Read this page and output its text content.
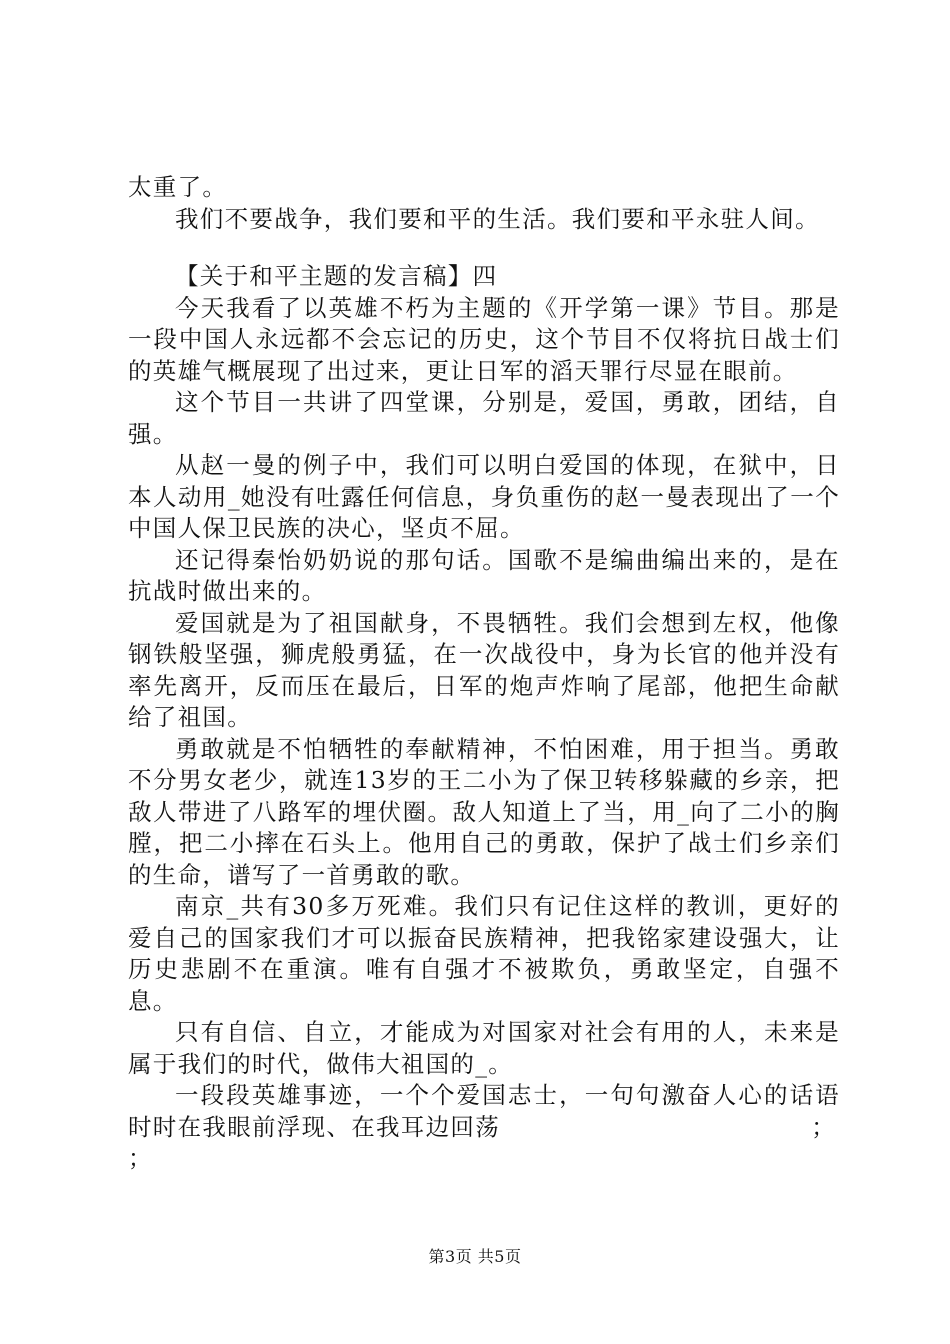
太重了。

我们不要战争，我们要和平的生活。我们要和平永驻人间。

【关于和平主题的发言稿】四

今天我看了以英雄不朽为主题的《开学第一课》节目。那是一段中国人永远都不会忘记的历史，这个节目不仅将抗日战士们的英雄气概展现了出过来，更让日军的滔天罪行尽显在眼前。

这个节目一共讲了四堂课，分别是，爱国，勇敢，团结，自强。

从赵一曼的例子中，我们可以明白爱国的体现，在狱中，日本人动用_她没有吐露任何信息，身负重伤的赵一曼表现出了一个中国人保卫民族的决心，坚贞不屈。

还记得秦怡奶奶说的那句话。国歌不是编曲编出来的，是在抗战时做出来的。

爱国就是为了祖国献身，不畏牺牲。我们会想到左权，他像钢铁般坚强，狮虎般勇猛，在一次战役中，身为长官的他并没有率先离开，反而压在最后，日军的炮声炸响了尾部，他把生命献给了祖国。

勇敢就是不怕牺牲的奉献精神，不怕困难，用于担当。勇敢不分男女老少，就连13岁的王二小为了保卫转移躲藏的乡亲，把敌人带进了八路军的埋伏圈。敌人知道上了当，用_向了二小的胸膛，把二小摔在石头上。他用自己的勇敢，保护了战士们乡亲们的生命，谱写了一首勇敢的歌。

南京_共有30多万死难。我们只有记住这样的教训，更好的爱自己的国家我们才可以振奋民族精神，把我铭家建设强大，让历史悲剧不在重演。唯有自强才不被欺负，勇敢坚定，自强不息。

只有自信、自立，才能成为对国家对社会有用的人，未来是属于我们的时代，做伟大祖国的_。

一段段英雄事迹，一个个爱国志士，一句句激奋人心的话语时时在我眼前浮现、在我耳边回荡	；

；

第3页 共5页
